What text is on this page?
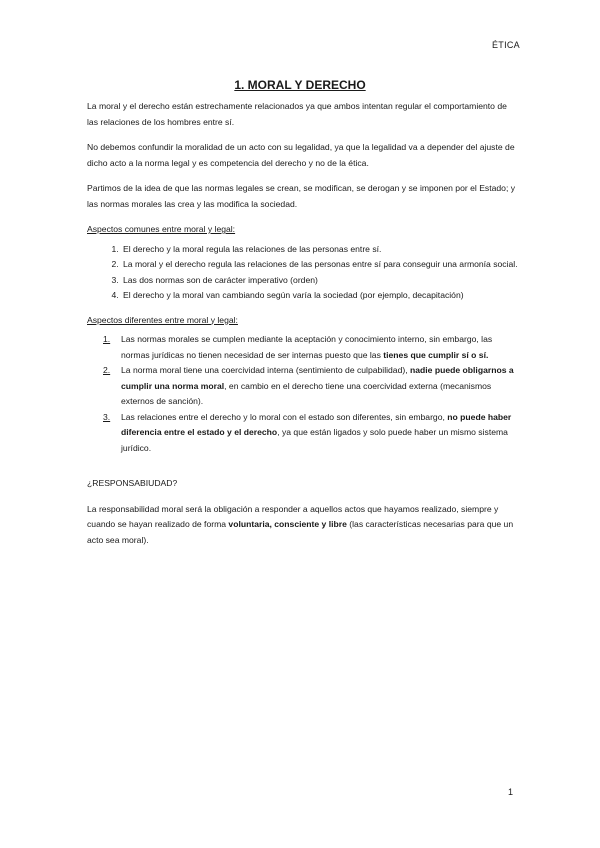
ÉTICA
1. MORAL Y DERECHO

La moral y el derecho están estrechamente relacionados ya que ambos intentan regular el comportamiento de las relaciones de los hombres entre sí.

No debemos confundir la moralidad de un acto con su legalidad, ya que la legalidad va a depender del ajuste de dicho acto a la norma legal y es competencia del derecho y no de la ética.

Partimos de la idea de que las normas legales se crean, se modifican, se derogan y se imponen por el Estado; y las normas morales las crea y las modifica la sociedad.

Aspectos comunes entre moral y legal:

1. El derecho y la moral regula las relaciones de las personas entre sí.
2. La moral y el derecho regula las relaciones de las personas entre sí para conseguir una armonía social.
3. Las dos normas son de carácter imperativo (orden)
4. El derecho y la moral van cambiando según varía la sociedad (por ejemplo, decapitación)

Aspectos diferentes entre moral y legal:

1. Las normas morales se cumplen mediante la aceptación y conocimiento interno, sin embargo, las normas jurídicas no tienen necesidad de ser internas puesto que las tienes que cumplir sí o sí.

2. La norma moral tiene una coercividad interna (sentimiento de culpabilidad), nadie puede obligarnos a cumplir una norma moral, en cambio en el derecho tiene una coercividad externa (mecanismos externos de sanción).

3. Las relaciones entre el derecho y lo moral con el estado son diferentes, sin embargo, no puede haber diferencia entre el estado y el derecho, ya que están ligados y solo puede haber un mismo sistema jurídico.

¿RESPONSABIUDAD?

La responsabilidad moral será la obligación a responder a aquellos actos que hayamos realizado, siempre y cuando se hayan realizado de forma voluntaria, consciente y libre (las características necesarias para que un acto sea moral).

1
